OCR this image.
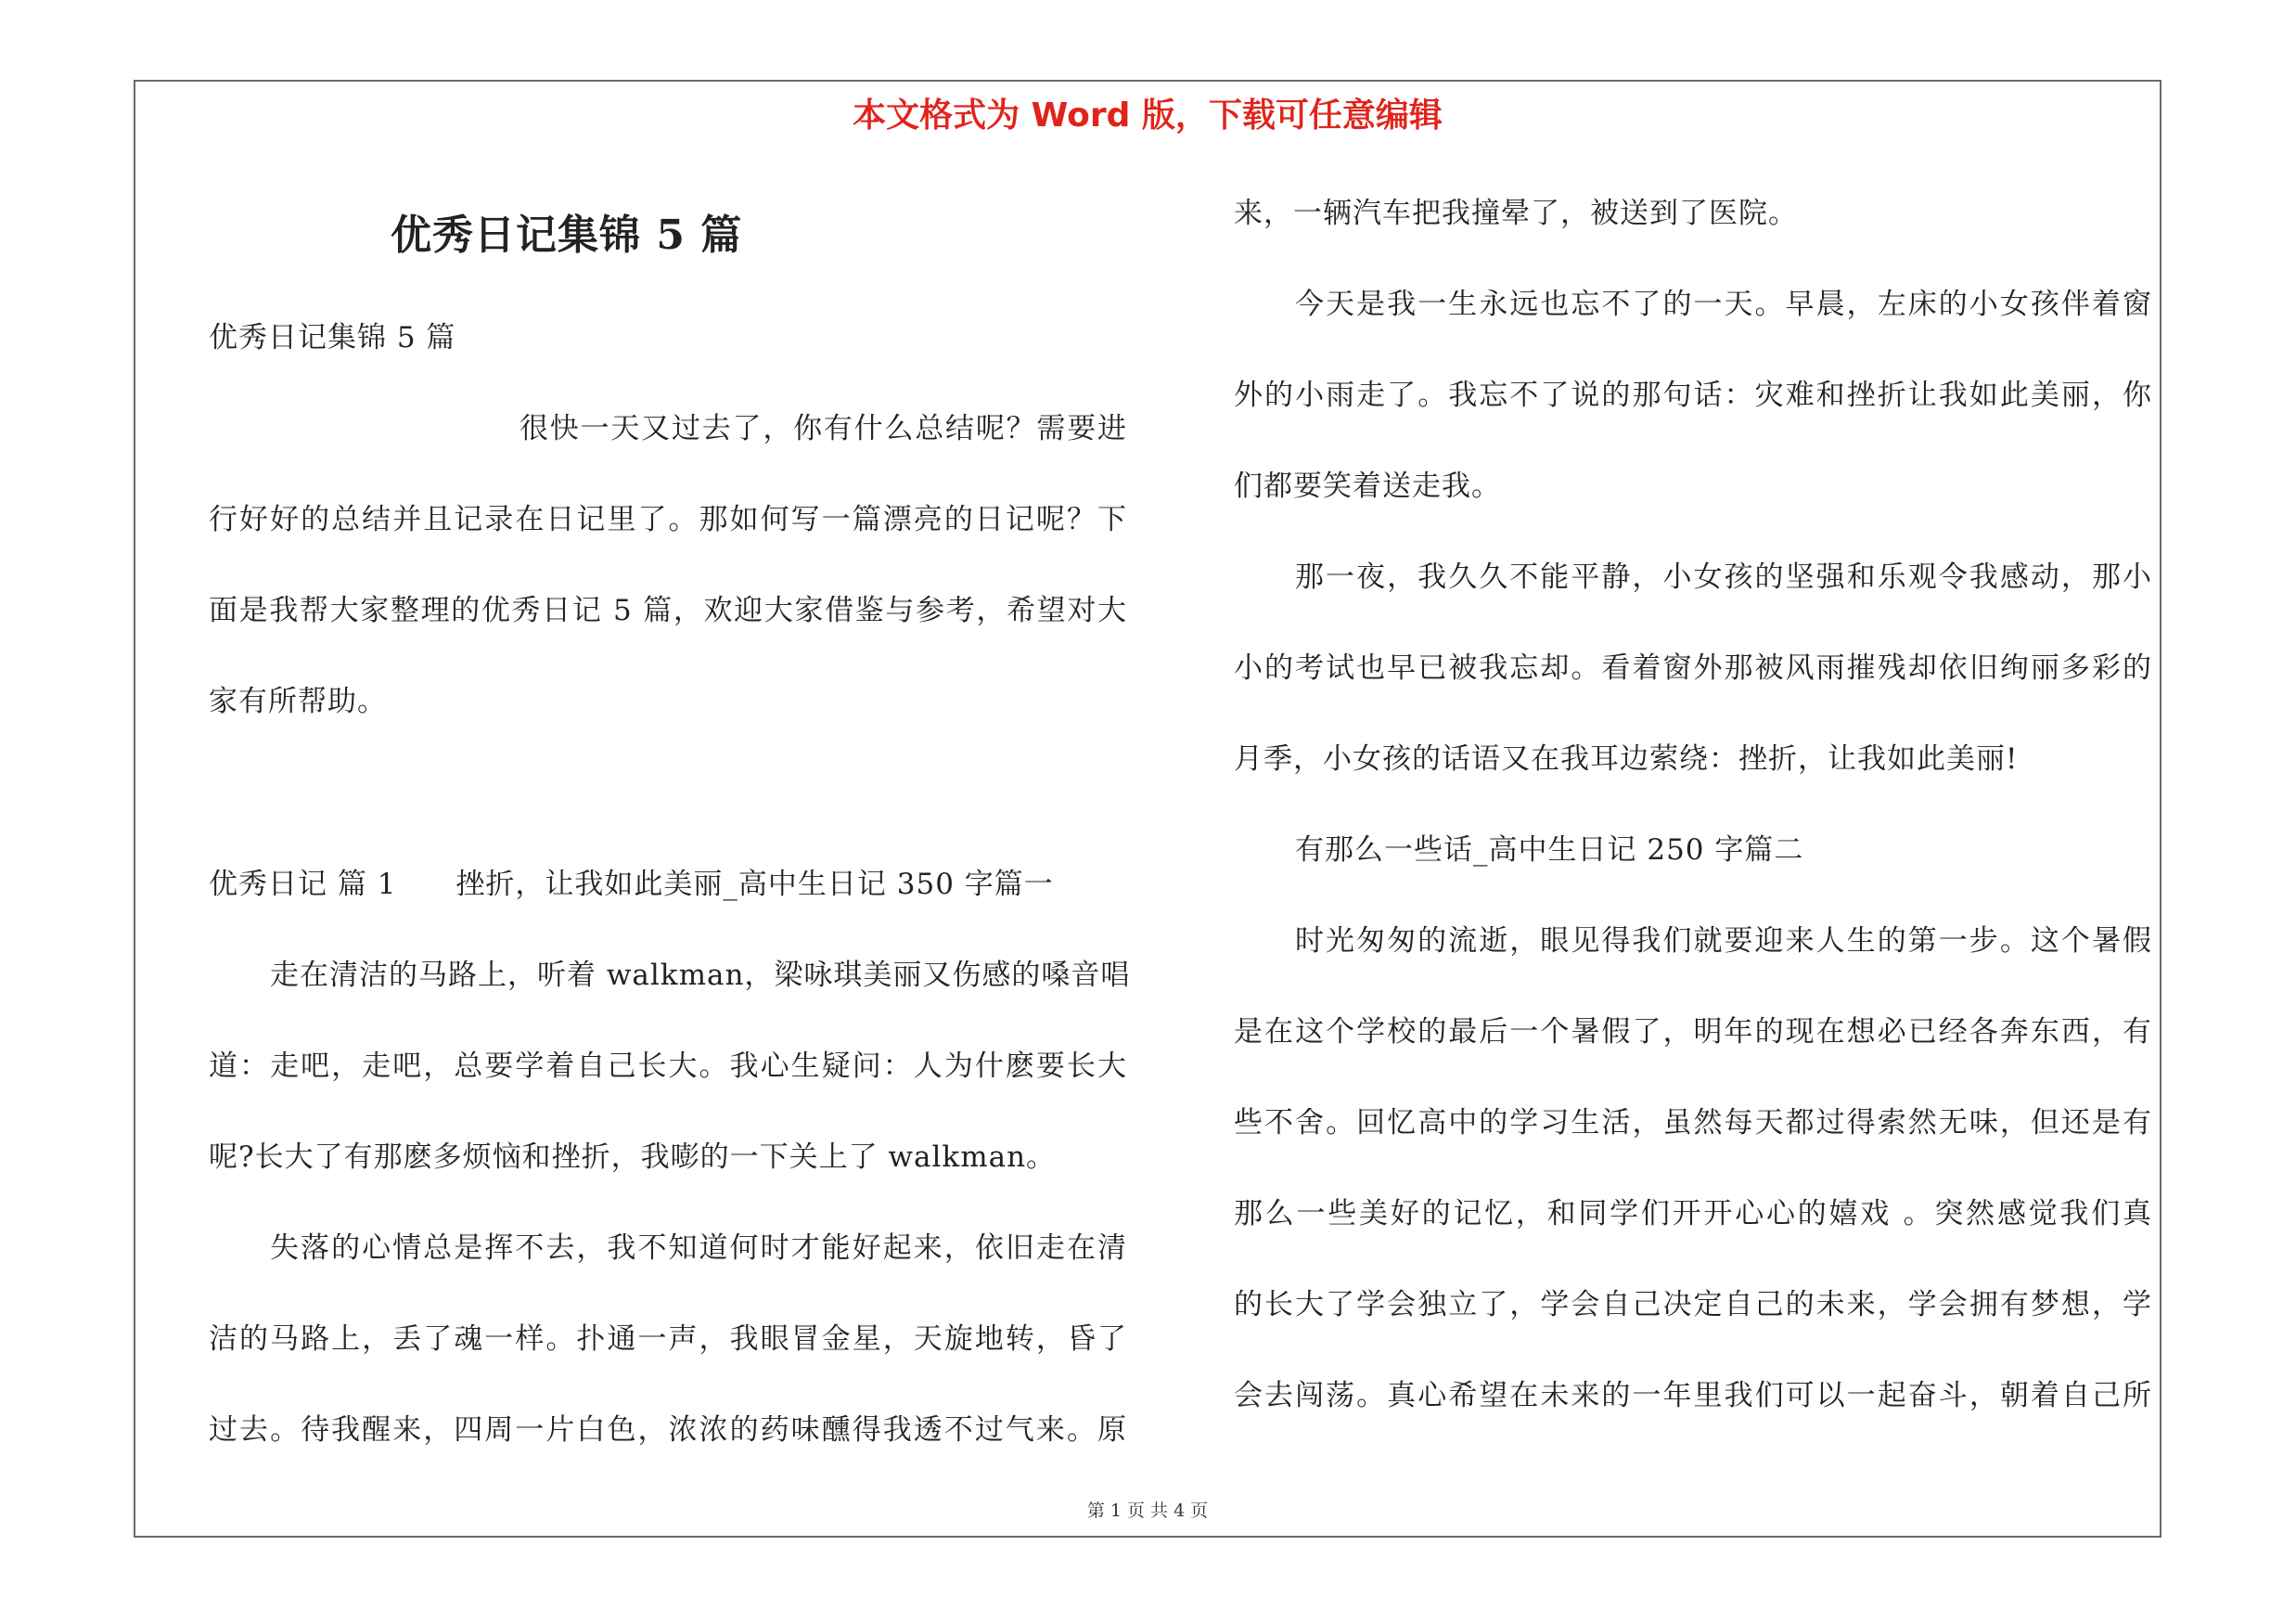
本文格式为 Word 版，下载可任意编辑
优秀日记集锦 5 篇
优秀日记集锦 5 篇
很快一天又过去了，你有什么总结呢？需要进
行好好的总结并且记录在日记里了。那如何写一篇漂亮的日记呢？下
面是我帮大家整理的优秀日记 5 篇，欢迎大家借鉴与参考，希望对大
家有所帮助。
优秀日记 篇 1　　挫折，让我如此美丽_高中生日记 350 字篇一
走在清洁的马路上，听着 walkman，梁咏琪美丽又伤感的嗓音唱
道：走吧，走吧，总要学着自己长大。我心生疑问：人为什麽要长大
呢?长大了有那麽多烦恼和挫折，我嘭的一下关上了 walkman。
失落的心情总是挥不去，我不知道何时才能好起来，依旧走在清
洁的马路上，丢了魂一样。扑通一声，我眼冒金星，天旋地转，昏了
过去。待我醒来，四周一片白色，浓浓的药味醺得我透不过气来。原
来，一辆汽车把我撞晕了，被送到了医院。
今天是我一生永远也忘不了的一天。早晨，左床的小女孩伴着窗
外的小雨走了。我忘不了说的那句话：灾难和挫折让我如此美丽，你
们都要笑着送走我。
那一夜，我久久不能平静，小女孩的坚强和乐观令我感动，那小
小的考试也早已被我忘却。看着窗外那被风雨摧残却依旧绚丽多彩的
月季，小女孩的话语又在我耳边萦绕：挫折，让我如此美丽!
有那么一些话_高中生日记 250 字篇二
时光匆匆的流逝，眼见得我们就要迎来人生的第一步。这个暑假
是在这个学校的最后一个暑假了，明年的现在想必已经各奔东西，有
些不舍。回忆高中的学习生活，虽然每天都过得索然无味，但还是有
那么一些美好的记忆，和同学们开开心心的嬉戏 。突然感觉我们真
的长大了学会独立了，学会自己决定自己的未来，学会拥有梦想，学
会去闯荡。真心希望在未来的一年里我们可以一起奋斗，朝着自己所
第 1 页 共 4 页
